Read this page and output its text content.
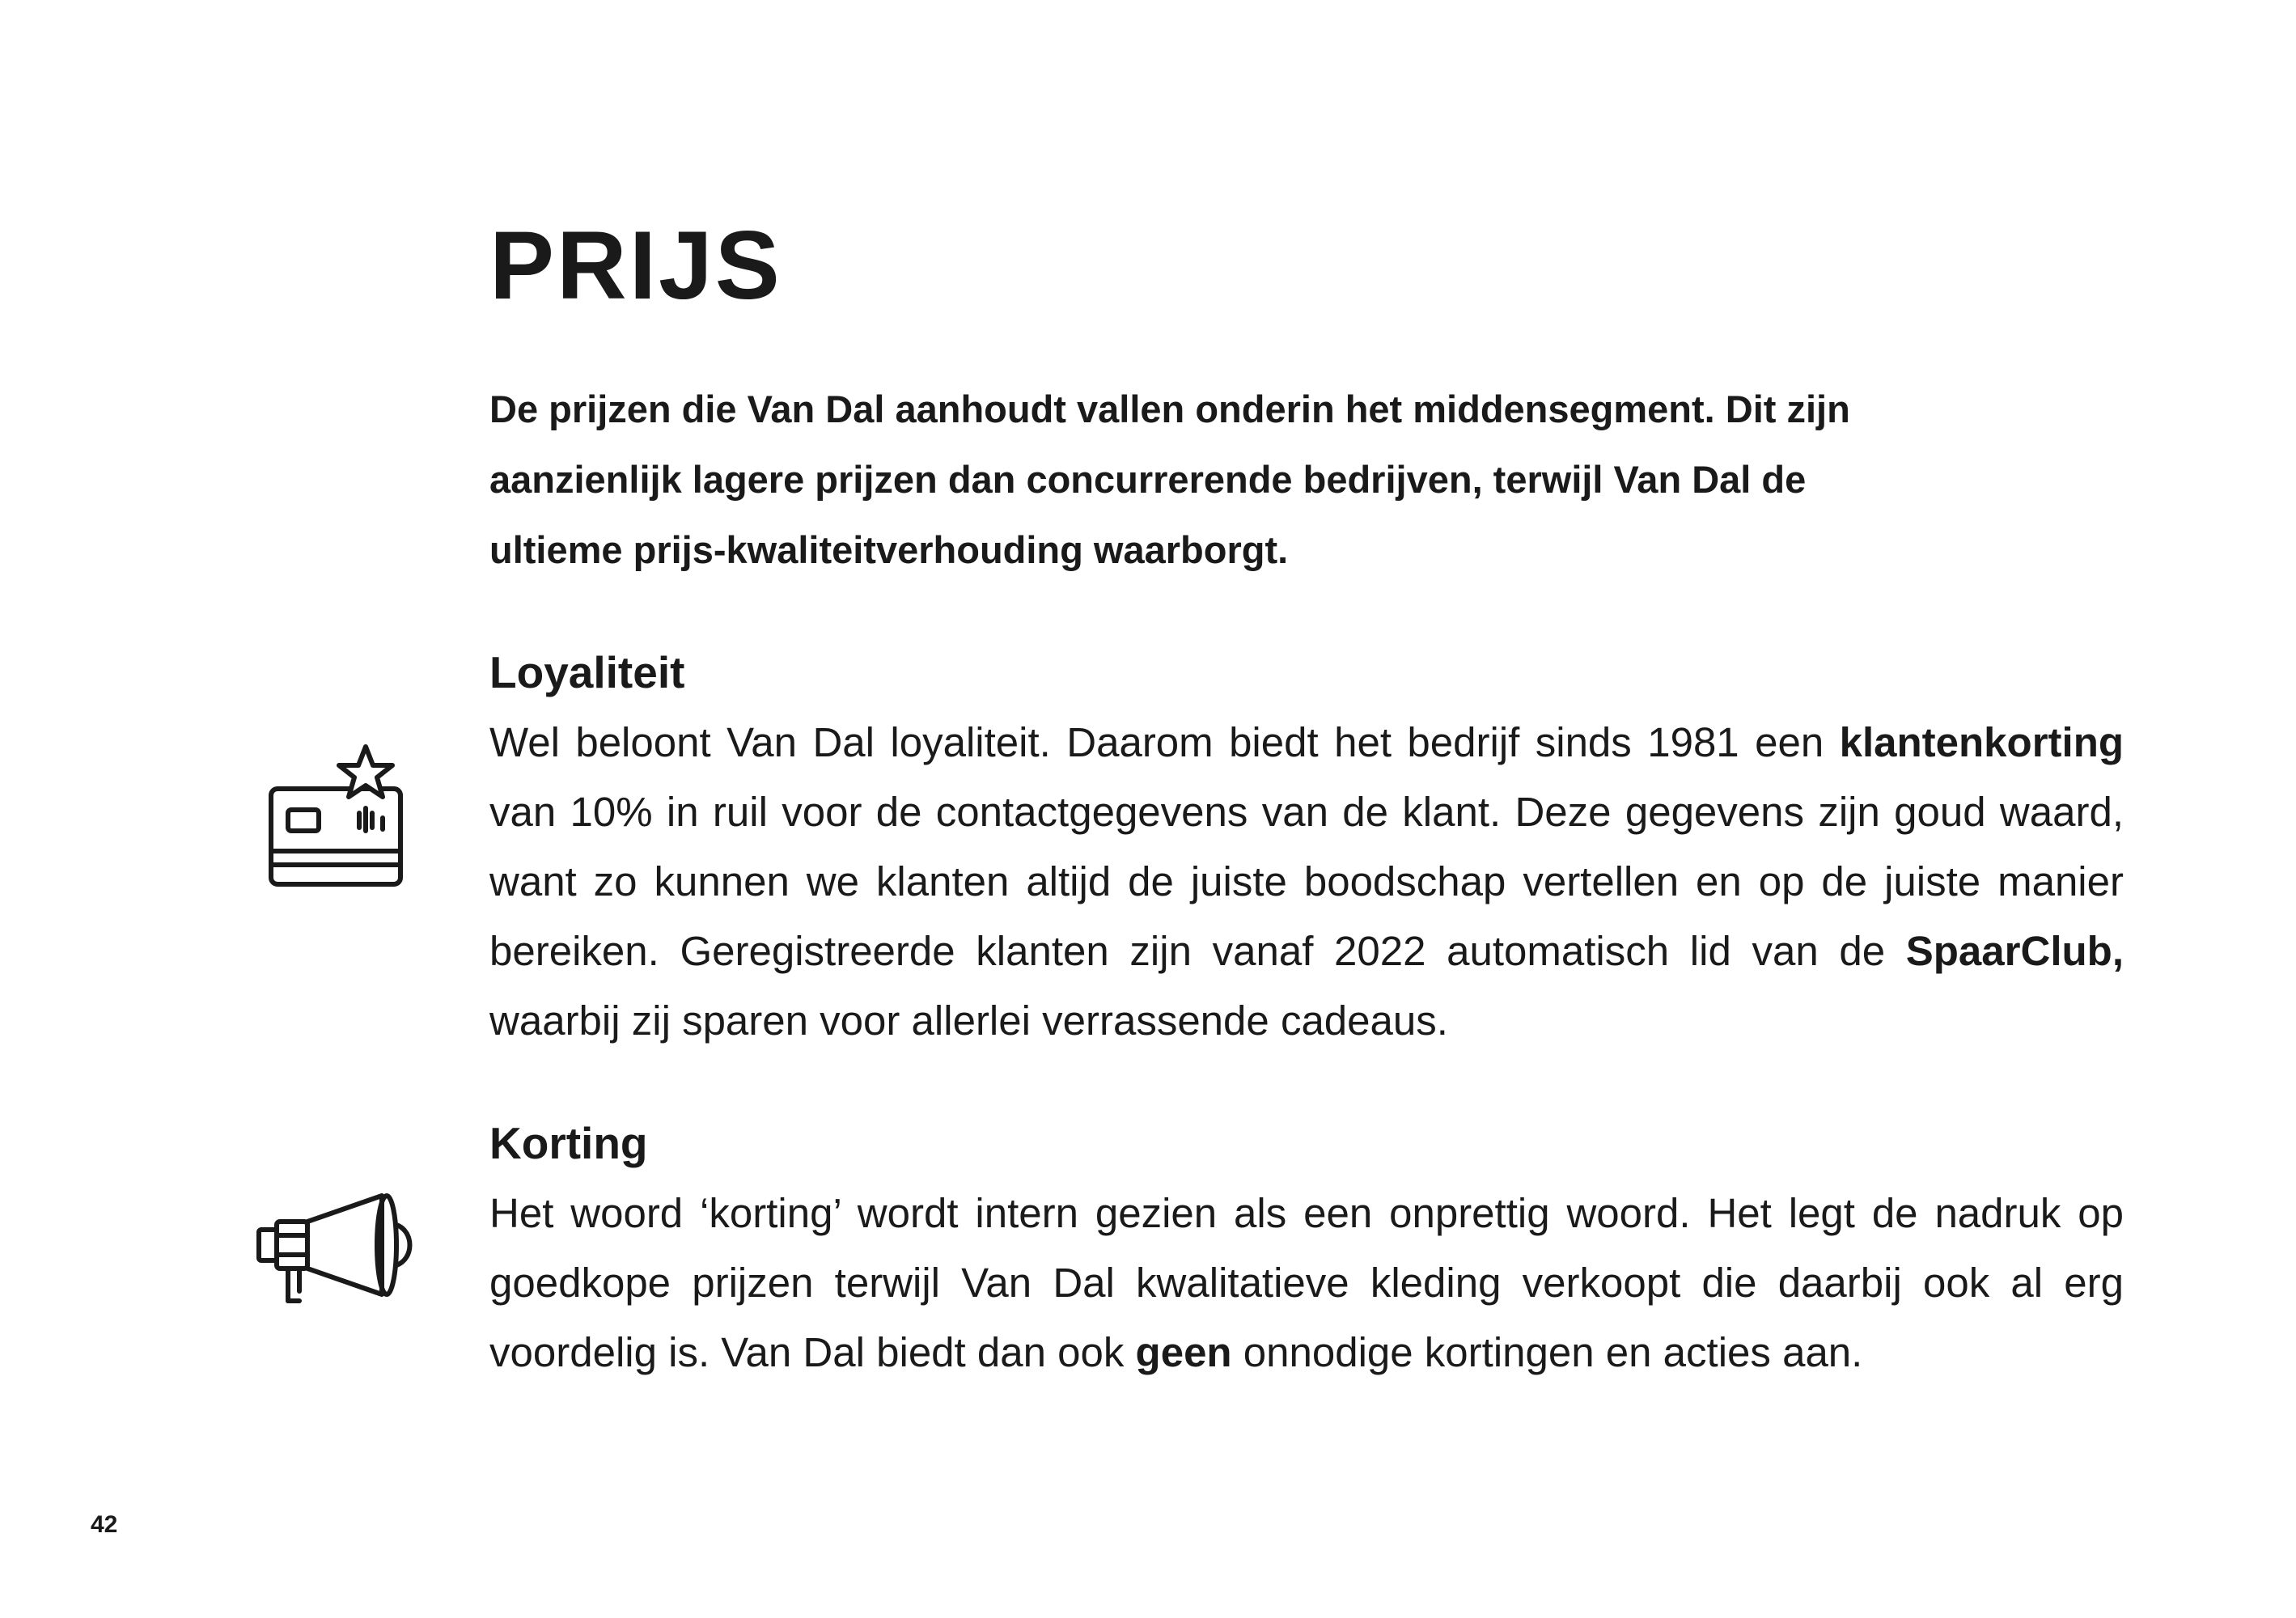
PRIJS

De prijzen die Van Dal aanhoudt vallen onderin het middensegment. Dit zijn aanzienlijk lagere prijzen dan concurrerende bedrijven, terwijl Van Dal de ultieme prijs-kwaliteitverhouding waarborgt.

Loyaliteit

Wel beloont Van Dal loyaliteit. Daarom biedt het bedrijf sinds 1981 een klantenkorting van 10% in ruil voor de contactgegevens van de klant. Deze gegevens zijn goud waard, want zo kunnen we klanten altijd de juiste boodschap vertellen en op de juiste manier bereiken. Geregistreerde klanten zijn vanaf 2022 automatisch lid van de SpaarClub, waarbij zij sparen voor allerlei verrassende cadeaus.

Korting

Het woord ‘korting’ wordt intern gezien als een onprettig woord. Het legt de nadruk op goedkope prijzen terwijl Van Dal kwalitatieve kleding verkoopt die daarbij ook al erg voordelig is. Van Dal biedt dan ook geen onnodige kortingen en acties aan.

42
